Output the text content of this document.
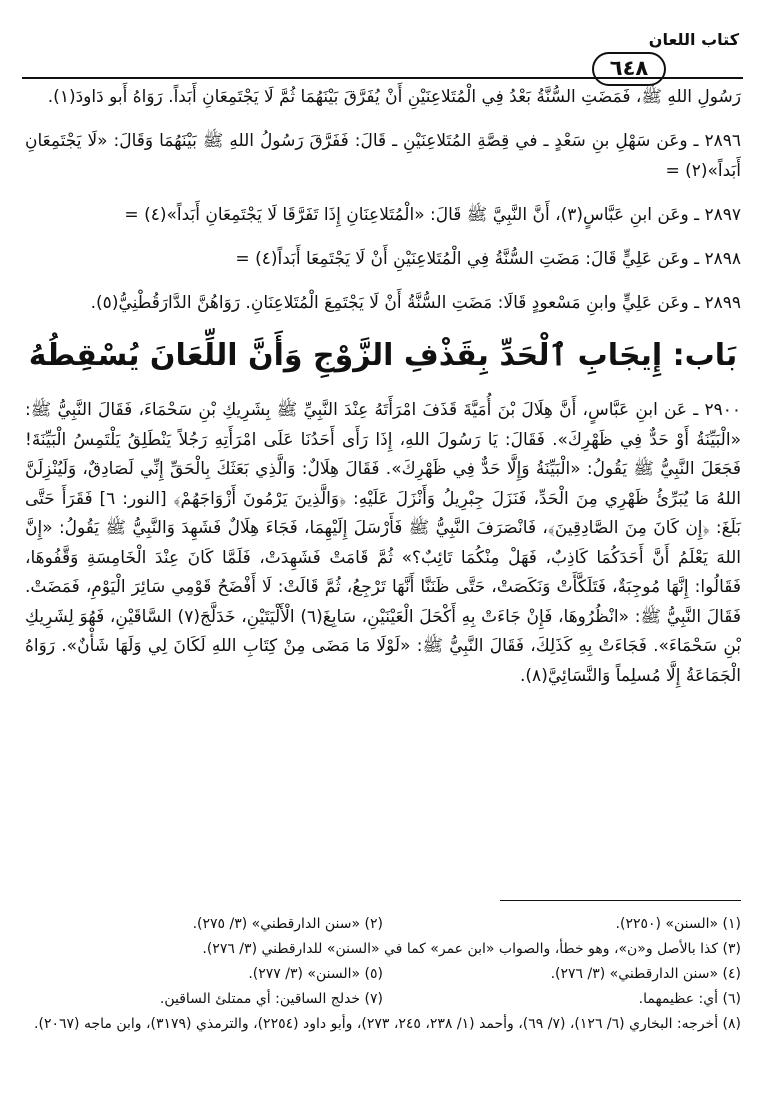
كتاب اللعان
٦٤٨

رَسُولِ اللهِ ﷺ، فَمَضَتِ السُّنَّةُ بَعْدُ فِي الْمُتَلاعِنَيْنِ أَنْ يُفَرَّقَ بَيْنَهُمَا ثُمَّ لَا يَجْتَمِعَانِ أَبَداً. رَوَاهُ أَبو دَاودَ(١).

٢٨٩٦ ـ وعَن سَهْلِ بنِ سَعْدٍ ـ في قِصَّةِ المُتَلاعِنَيْنِ ـ قَالَ: فَفَرَّقَ رَسُولُ اللهِ ﷺ بَيْنَهُمَا وَقَالَ: «لَا يَجْتَمِعَانِ أَبَداً»(٢) =

٢٨٩٧ ـ وعَن ابنِ عَبَّاسٍ(٣)، أَنَّ النَّبِيَّ ﷺ قَالَ: «الْمُتَلاعِنَانِ إِذَا تَفَرَّقَا لَا يَجْتَمِعَانِ أَبَداً»(٤) =

٢٨٩٨ ـ وعَن عَلِيٍّ قَالَ: مَضَتِ السُّنَّةُ فِي الْمُتَلاعِنَيْنِ أَنْ لَا يَجْتَمِعَا أَبَداً(٤) =

٢٨٩٩ ـ وعَن عَلِيٍّ وابنِ مَسْعودٍ قَالَا: مَضَتِ السُّنَّةُ أَنْ لَا يَجْتَمِعَ الْمُتَلاعِنَانِ. رَوَاهُنَّ الدَّارَقُطْنِيُّ(٥).

بَاب: إِيجَابِ ٱلْحَدِّ بِقَذْفِ الزَّوْجِ وَأَنَّ اللِّعَانَ يُسْقِطُهُ

٢٩٠٠ ـ عَن ابنِ عَبَّاسٍ، أَنَّ هِلَالَ بْنَ أُمَيَّةَ قَذَفَ امْرَأَتَهُ عِنْدَ النَّبِيِّ ﷺ بِشَرِيكِ بْنِ سَحْمَاءَ، فَقَالَ النَّبِيُّ ﷺ: «الْبَيِّنَةُ أَوْ حَدٌّ فِي ظَهْرِكَ». فَقَالَ: يَا رَسُولَ اللهِ، إِذَا رَأَى أَحَدُنَا عَلَى امْرَأَتِهِ رَجُلاً يَنْطَلِقُ يَلْتَمِسُ الْبَيِّنَةَ! فَجَعَلَ النَّبِيُّ ﷺ يَقُولُ: «الْبَيِّنَةُ وَإِلَّا حَدٌّ فِي ظَهْرِكَ». فَقَالَ هِلَالٌ: وَالَّذِي بَعَثَكَ بِالْحَقِّ إِنِّي لَصَادِقٌ، وَلَيُنْزِلَنَّ اللهُ مَا يُبَرِّئُ ظَهْرِي مِنَ الْحَدِّ، فَنَزَلَ جِبْرِيلُ وَأَنْزَلَ عَلَيْهِ: ﴿وَالَّذِينَ يَرْمُونَ أَزْوَاجَهُمْ﴾ [النور: ٦] فَقَرَأَ حَتَّى بَلَغَ: ﴿إِن كَانَ مِنَ الصَّادِقِينَ﴾، فَانْصَرَفَ النَّبِيُّ ﷺ فَأَرْسَلَ إِلَيْهِمَا، فَجَاءَ هِلَالٌ فَشَهِدَ وَالنَّبِيُّ ﷺ يَقُولُ: «إِنَّ اللهَ يَعْلَمُ أَنَّ أَحَدَكُمَا كَاذِبٌ، فَهَلْ مِنْكُمَا تَائِبٌ؟» ثُمَّ قَامَتْ فَشَهِدَتْ، فَلَمَّا كَانَ عِنْدَ الْخَامِسَةِ وَقَّفُوهَا، فَقَالُوا: إِنَّهَا مُوجِبَةٌ، فَتَلَكَّأَتْ وَنَكَصَتْ، حَتَّى ظَنَنَّا أَنَّهَا تَرْجِعُ، ثُمَّ قَالَتْ: لَا أَفْضَحُ قَوْمِي سَائِرَ الْيَوْمِ، فَمَضَتْ. فَقَالَ النَّبِيُّ ﷺ: «انْظُرُوهَا، فَإِنْ جَاءَتْ بِهِ أَكْحَلَ الْعَيْنَيْنِ، سَابِغَ(٦) الْأَلْيَتَيْنِ، خَدَلَّجَ(٧) السَّاقَيْنِ، فَهُوَ لِشَرِيكِ بْنِ سَحْمَاءَ». فَجَاءَتْ بِهِ كَذَلِكَ، فَقَالَ النَّبِيُّ ﷺ: «لَوْلَا مَا مَضَى مِنْ كِتَابِ اللهِ لَكَانَ لِي وَلَهَا شَأْنٌ». رَوَاهُ الْجَمَاعَةُ إِلَّا مُسلِماً وَالنَّسَائِيَّ(٨).

(١) «السنن» (٢٢٥٠).
(٢) «سنن الدارقطني» (٣/ ٢٧٥).
(٣) كذا بالأصل و«ن»، وهو خطأ، والصواب «ابن عمر» كما في «السنن» للدارقطني (٣/ ٢٧٦).
(٤) «سنن الدارقطني» (٣/ ٢٧٦).
(٥) «السنن» (٣/ ٢٧٧).
(٦) أي: عظيمهما.
(٧) خدلج الساقين: أي ممتلئ الساقين.
(٨) أخرجه: البخاري (٦/ ١٢٦)، (٧/ ٦٩)، وأحمد (١/ ٢٣٨، ٢٤٥، ٢٧٣)، وأبو داود (٢٢٥٤)، والترمذي (٣١٧٩)، وابن ماجه (٢٠٦٧).
